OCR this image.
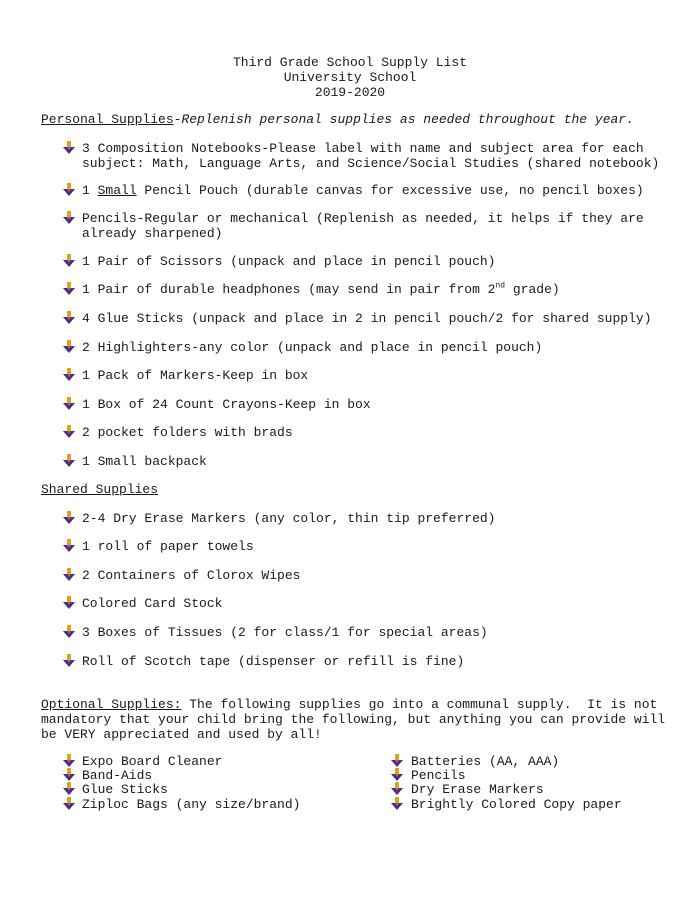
Third Grade School Supply List
University School
2019-2020
Personal Supplies-Replenish personal supplies as needed throughout the year.
3 Composition Notebooks-Please label with name and subject area for each
subject: Math, Language Arts, and Science/Social Studies (shared notebook)
1 Small Pencil Pouch (durable canvas for excessive use, no pencil boxes)
Pencils-Regular or mechanical (Replenish as needed, it helps if they are
already sharpened)
1 Pair of Scissors (unpack and place in pencil pouch)
1 Pair of durable headphones (may send in pair from 2nd grade)
4 Glue Sticks (unpack and place in 2 in pencil pouch/2 for shared supply)
2 Highlighters-any color (unpack and place in pencil pouch)
1 Pack of Markers-Keep in box
1 Box of 24 Count Crayons-Keep in box
2 pocket folders with brads
1 Small backpack
Shared Supplies
2-4 Dry Erase Markers (any color, thin tip preferred)
1 roll of paper towels
2 Containers of Clorox Wipes
Colored Card Stock
3 Boxes of Tissues (2 for class/1 for special areas)
Roll of Scotch tape (dispenser or refill is fine)
Optional Supplies: The following supplies go into a communal supply.  It is not
mandatory that your child bring the following, but anything you can provide will
be VERY appreciated and used by all!
Expo Board Cleaner
Band-Aids
Glue Sticks
Ziploc Bags (any size/brand)
Batteries (AA, AAA)
Pencils
Dry Erase Markers
Brightly Colored Copy paper
